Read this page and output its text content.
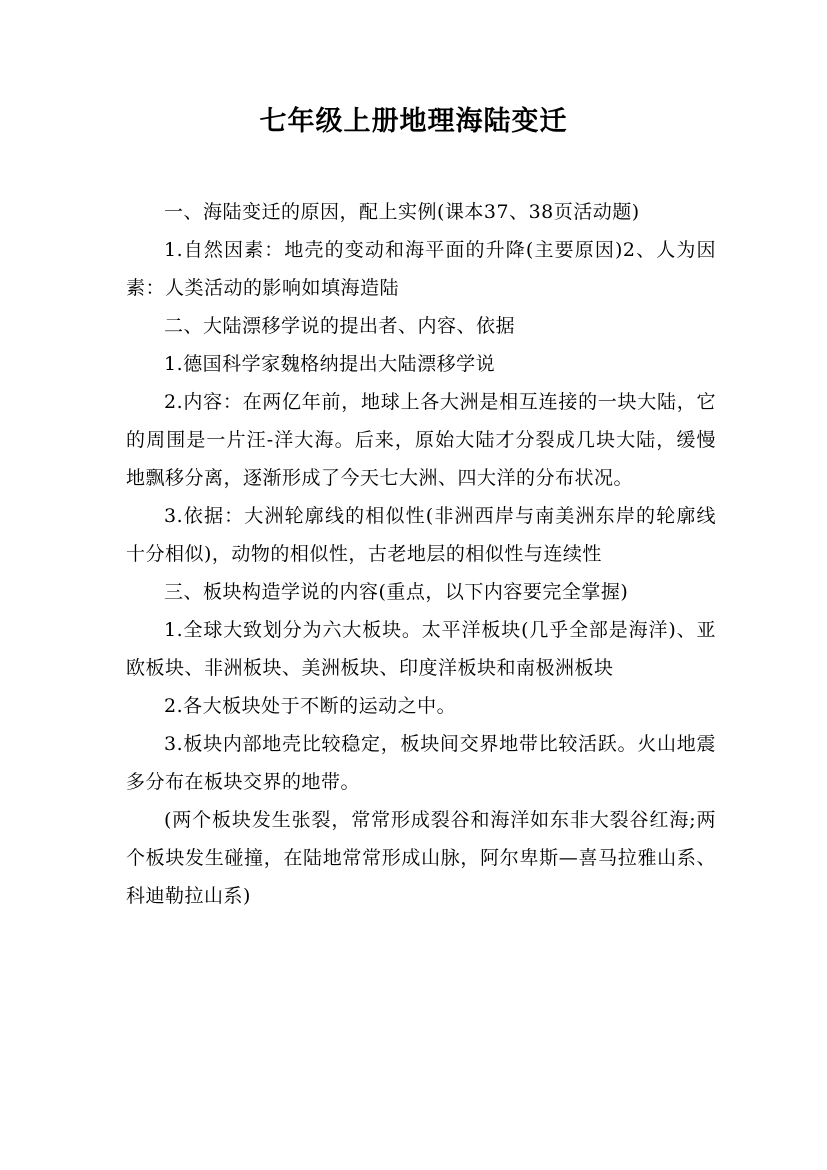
七年级上册地理海陆变迁

一、海陆变迁的原因，配上实例(课本37、38页活动题)

1.自然因素：地壳的变动和海平面的升降(主要原因)2、人为因素：人类活动的影响如填海造陆

二、大陆漂移学说的提出者、内容、依据

1.德国科学家魏格纳提出大陆漂移学说

2.内容：在两亿年前，地球上各大洲是相互连接的一块大陆，它的周围是一片汪-洋大海。后来，原始大陆才分裂成几块大陆，缓慢地飘移分离，逐渐形成了今天七大洲、四大洋的分布状况。

3.依据：大洲轮廓线的相似性(非洲西岸与南美洲东岸的轮廓线十分相似)，动物的相似性，古老地层的相似性与连续性

三、板块构造学说的内容(重点，以下内容要完全掌握)

1.全球大致划分为六大板块。太平洋板块(几乎全部是海洋)、亚欧板块、非洲板块、美洲板块、印度洋板块和南极洲板块

2.各大板块处于不断的运动之中。

3.板块内部地壳比较稳定，板块间交界地带比较活跃。火山地震多分布在板块交界的地带。

(两个板块发生张裂，常常形成裂谷和海洋如东非大裂谷红海;两个板块发生碰撞，在陆地常常形成山脉，阿尔卑斯—喜马拉雅山系、科迪勒拉山系)
